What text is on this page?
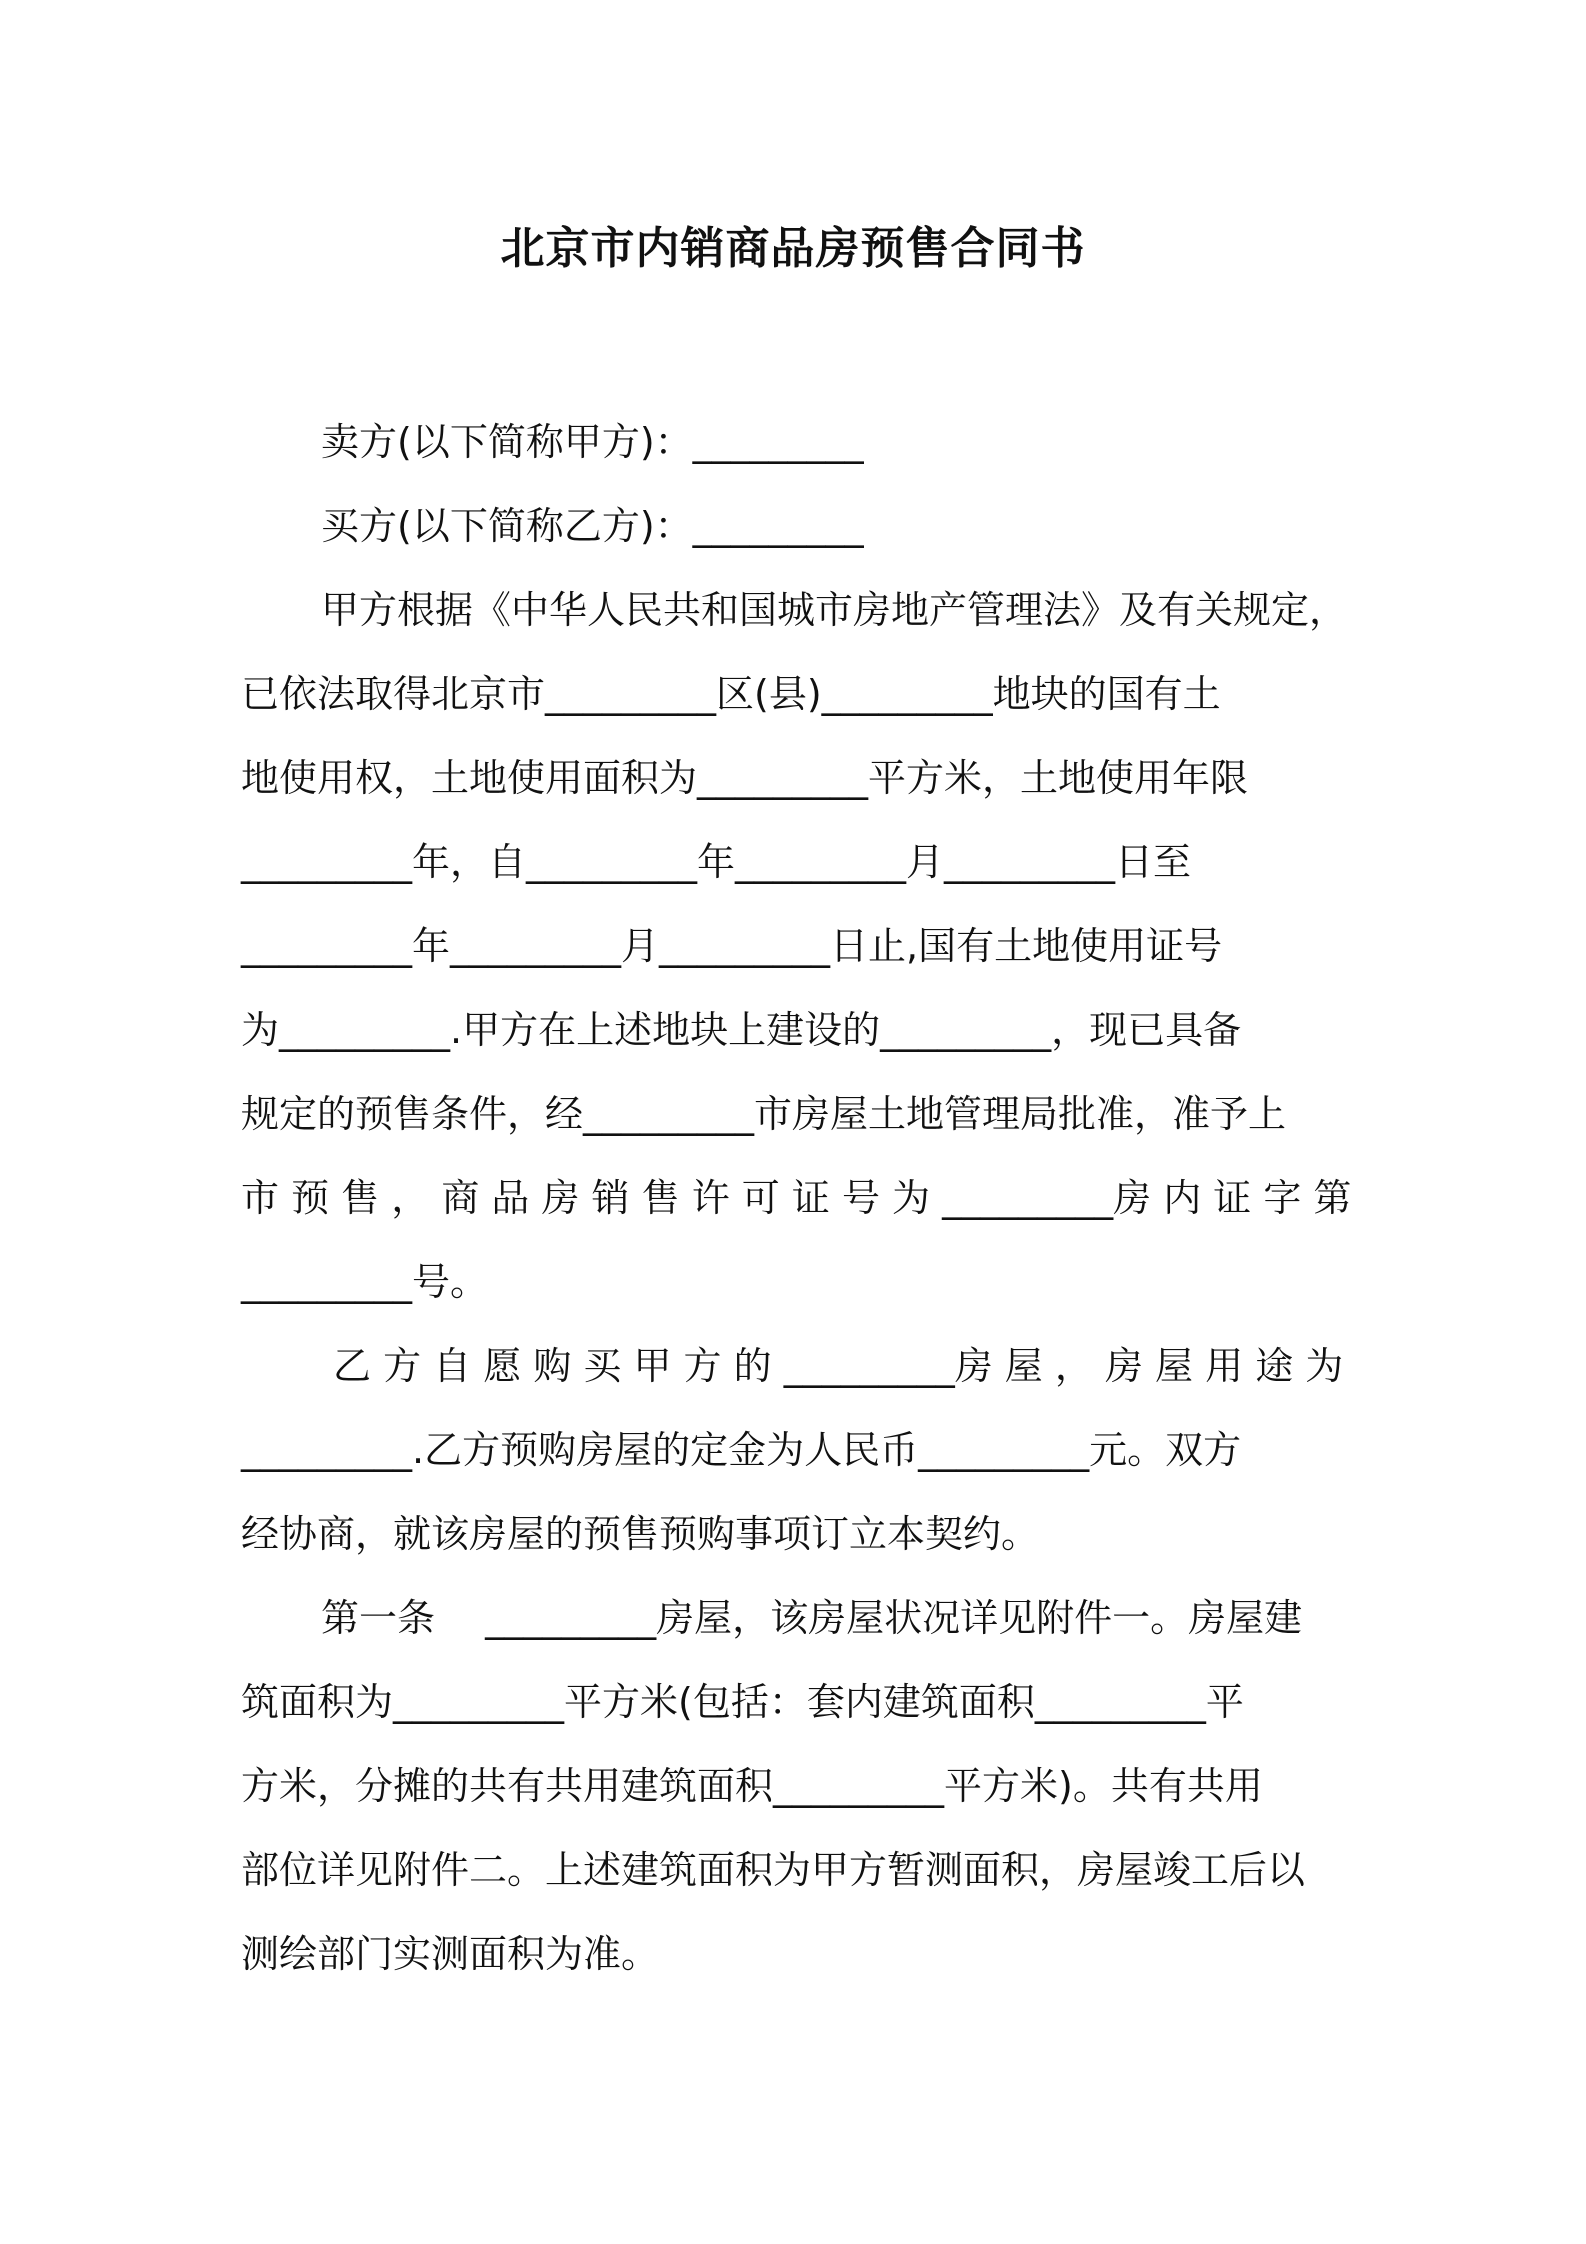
北京市内销商品房预售合同书

卖方(以下简称甲方)：_________

买方(以下简称乙方)：_________

甲方根据《中华人民共和国城市房地产管理法》及有关规定，

已依法取得北京市_________区(县)_________地块的国有土

地使用权，土地使用面积为_________平方米，土地使用年限

_________年，自_________年_________月_________日至

_________年_________月_________日止,国有土地使用证号

为_________.甲方在上述地块上建设的_________，现已具备

规定的预售条件，经_________市房屋土地管理局批准，准予上

市 预 售 ， 商 品 房 销 售 许 可 证 号 为 _________房 内 证 字 第

_________号。

乙 方 自 愿 购 买 甲 方 的 _________房 屋 ， 房 屋 用 途 为

_________.乙方预购房屋的定金为人民币_________元。双方

经协商，就该房屋的预售预购事项订立本契约。

第一条　 _________房屋，该房屋状况详见附件一。房屋建

筑面积为_________平方米(包括：套内建筑面积_________平

方米，分摊的共有共用建筑面积_________平方米)。共有共用

部位详见附件二。上述建筑面积为甲方暂测面积，房屋竣工后以

测绘部门实测面积为准。
